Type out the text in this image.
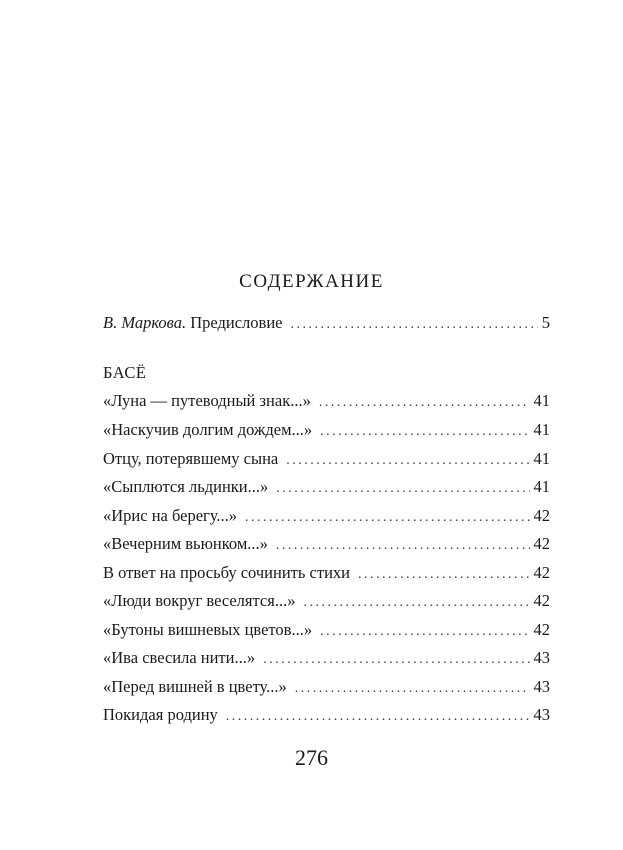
СОДЕРЖАНИЕ
В. Маркова. Предисловие . . .	5
БАСЁ
«Луна — путеводный знак...» . . .	41
«Наскучив долгим дождем...» . . .	41
Отцу, потерявшему сына . . .	41
«Сыплются льдинки...» . . .	41
«Ирис на берегу...» . . .	42
«Вечерним вьюнком...» . . .	42
В ответ на просьбу сочинить стихи . . .	42
«Люди вокруг веселятся...» . . .	42
«Бутоны вишневых цветов...» . . .	42
«Ива свесила нити...» . . .	43
«Перед вишней в цвету...» . . .	43
Покидая родину . . .	43
276
